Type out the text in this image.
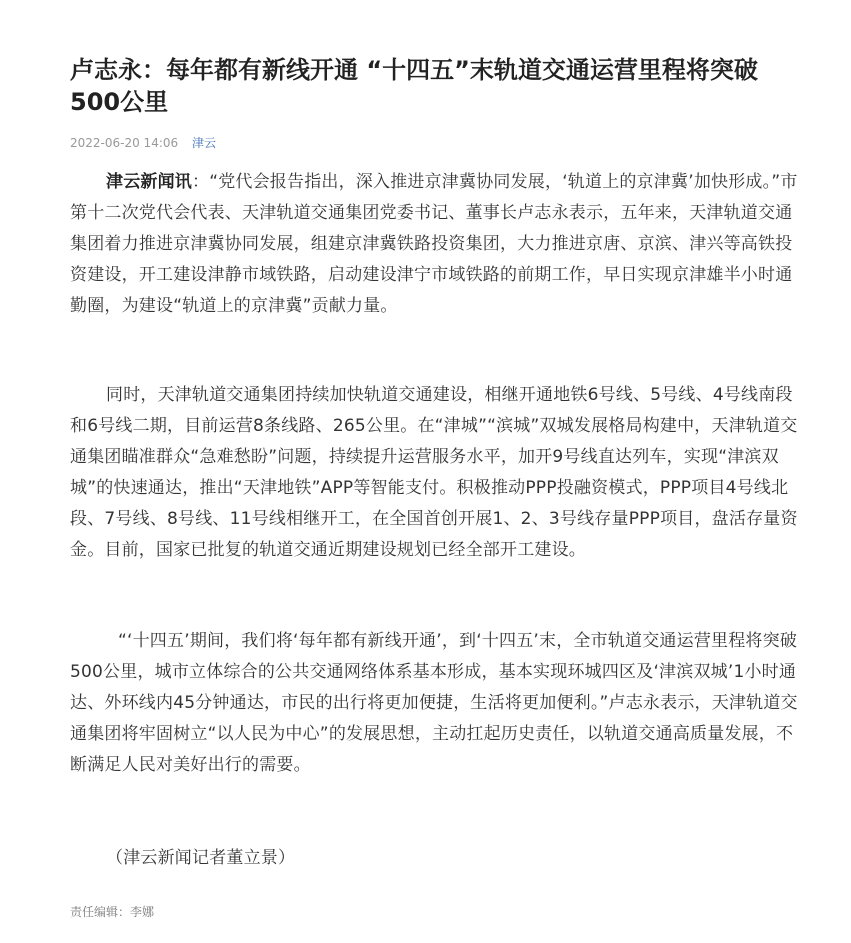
卢志永：每年都有新线开通 “十四五”末轨道交通运营里程将突破500公里
2022-06-20 14:06 津云

津云新闻讯：“党代会报告指出，深入推进京津冀协同发展，‘轨道上的京津冀’加快形成。”市第十二次党代会代表、天津轨道交通集团党委书记、董事长卢志永表示，五年来，天津轨道交通集团着力推进京津冀协同发展，组建京津冀铁路投资集团，大力推进京唐、京滨、津兴等高铁投资建设，开工建设津静市域铁路，启动建设津宁市域铁路的前期工作，早日实现京津雄半小时通勤圈，为建设“轨道上的京津冀”贡献力量。

同时，天津轨道交通集团持续加快轨道交通建设，相继开通地铁6号线、5号线、4号线南段和6号线二期，目前运营8条线路、265公里。在“津城”“滨城”双城发展格局构建中，天津轨道交通集团瞄准群众“急难愁盼”问题，持续提升运营服务水平，加开9号线直达列车，实现“津滨双城”的快速通达，推出“天津地铁”APP等智能支付。积极推动PPP投融资模式，PPP项目4号线北段、7号线、8号线、11号线相继开工，在全国首创开展1、2、3号线存量PPP项目，盘活存量资金。目前，国家已批复的轨道交通近期建设规划已经全部开工建设。

“‘十四五’期间，我们将‘每年都有新线开通’，到‘十四五’末，全市轨道交通运营里程将突破500公里，城市立体综合的公共交通网络体系基本形成，基本实现环城四区及‘津滨双城’1小时通达、外环线内45分钟通达，市民的出行将更加便捷，生活将更加便利。”卢志永表示，天津轨道交通集团将牢固树立“以人民为中心”的发展思想，主动扛起历史责任，以轨道交通高质量发展，不断满足人民对美好出行的需要。

（津云新闻记者董立景）

责任编辑：李娜
